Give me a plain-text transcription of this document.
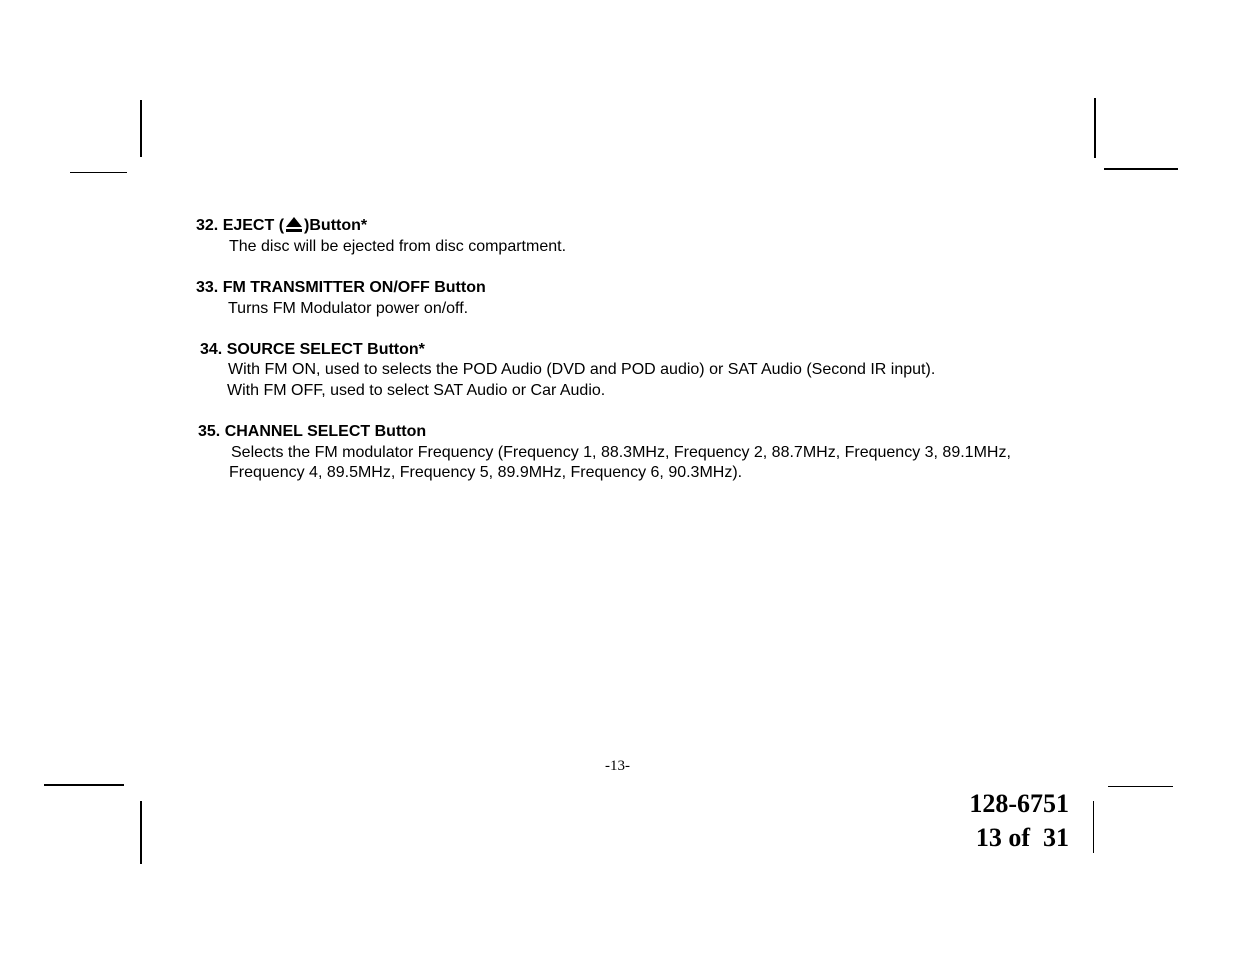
32. EJECT ( )Button*
The disc will be ejected from disc compartment.
33. FM TRANSMITTER ON/OFF Button
Turns FM Modulator power on/off.
34. SOURCE SELECT Button*
With FM ON, used to selects the POD Audio (DVD and POD audio) or SAT Audio (Second IR input).
With FM OFF, used to select SAT Audio or Car Audio.
35. CHANNEL SELECT Button
Selects the FM modulator Frequency (Frequency 1, 88.3MHz, Frequency 2, 88.7MHz, Frequency 3, 89.1MHz,
Frequency 4, 89.5MHz, Frequency 5, 89.9MHz, Frequency 6, 90.3MHz).
-13-
128-6751
13 of  31
